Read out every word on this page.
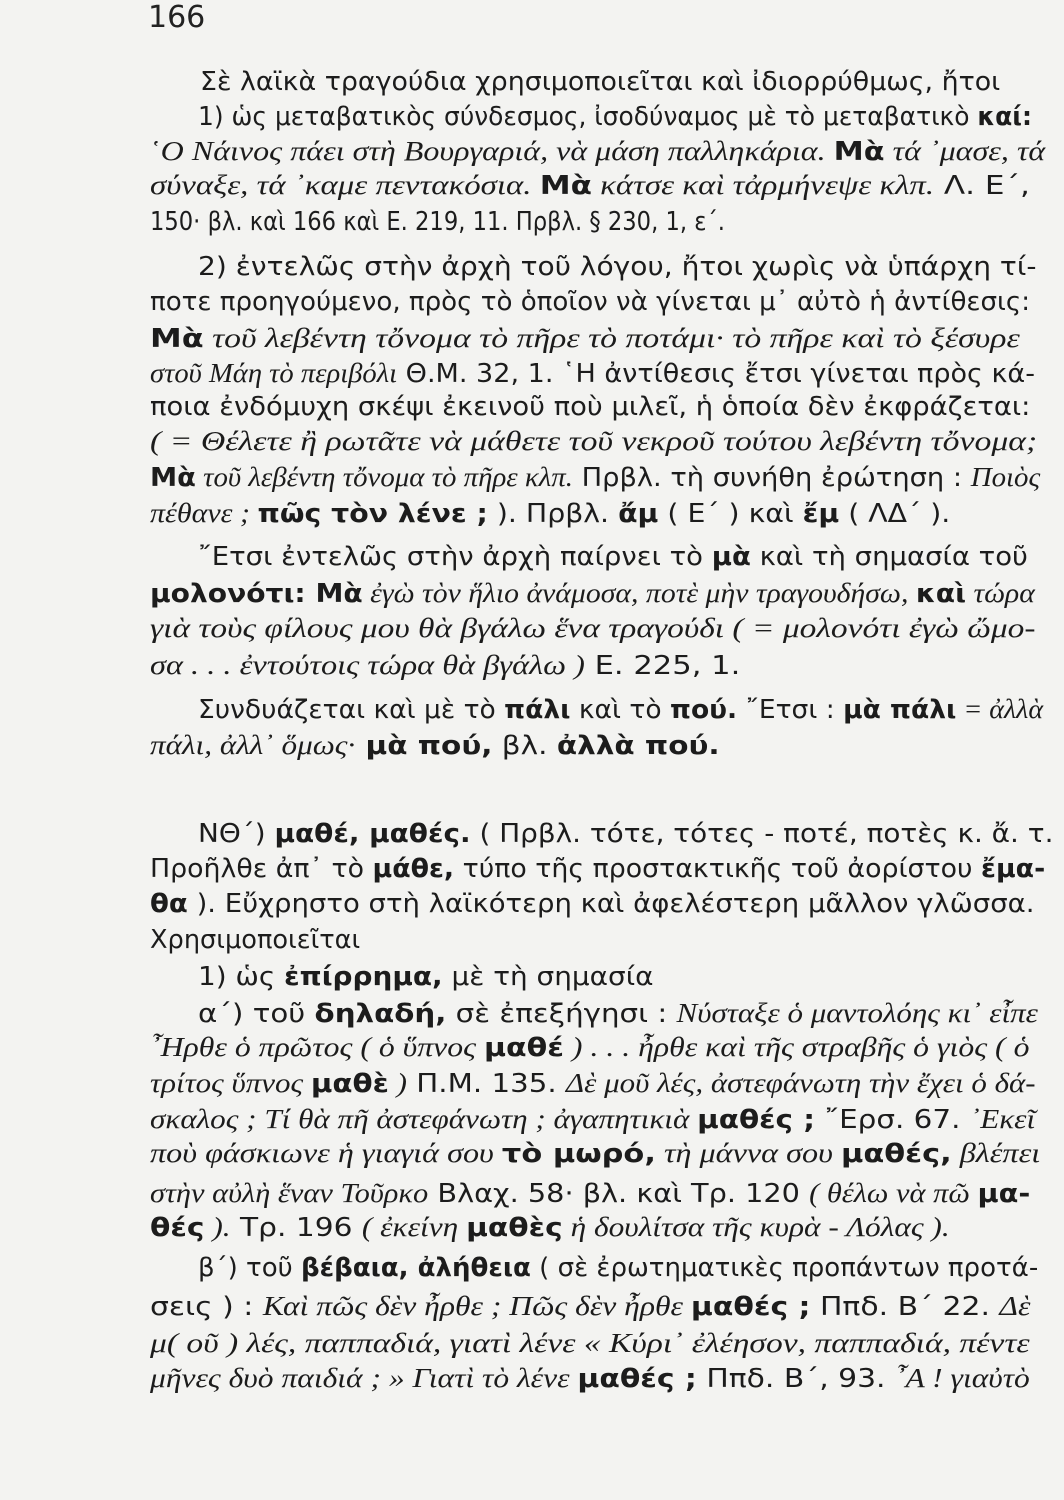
166
Σὲ λαϊκὰ τραγούδια χρησιμοποιεῖται καὶ ἰδιορρύθμως, ἤτοι
1) ὡς μεταβατικὸς σύνδεσμος, ἰσοδύναμος μὲ τὸ μεταβατικὸ καί:
῾Ο Νάινος πάει στὴ Βουργαριά, νὰ μάση παλληκάρια. Μὰ τά ᾿μασε, τά
σύναξε, τά ᾿καμε πεντακόσια. Μὰ κάτσε καὶ τἀρμήνεψε κλπ. Λ. Ε΄,
150· βλ. καὶ 166 καὶ Ε. 219, 11. Πρβλ. § 230, 1, ε΄.
2) ἐντελῶς στὴν ἀρχὴ τοῦ λόγου, ἤτοι χωρὶς νὰ ὑπάρχη τί-
ποτε προηγούμενο, πρὸς τὸ ὁποῖον νὰ γίνεται μ᾿ αὐτὸ ἡ ἀντίθεσις:
Μὰ τοῦ λεβέντη τὄνομα τὸ πῆρε τὸ ποτάμι· τὸ πῆρε καὶ τὸ ξέσυρε
στοῦ Μάη τὸ περιβόλι Θ.Μ. 32, 1. ῾Η ἀντίθεσις ἔτσι γίνεται πρὸς κά-
ποια ἐνδόμυχη σκέψι ἐκεινοῦ ποὺ μιλεῖ, ἡ ὁποία δὲν ἐκφράζεται:
( = Θέλετε ἢ ρωτᾶτε νὰ μάθετε τοῦ νεκροῦ τούτου λεβέντη τὄνομα;
Μὰ τοῦ λεβέντη τὄνομα τὸ πῆρε κλπ. Πρβλ. τὴ συνήθη ἐρώτηση : Ποιὸς
πέθανε ; πῶς τὸν λένε ; ). Πρβλ. ἄμ ( Ε΄ ) καὶ ἔμ ( ΛΔ΄ ).
῎Ετσι ἐντελῶς στὴν ἀρχὴ παίρνει τὸ μὰ καὶ τὴ σημασία τοῦ
μολονότι: Μὰ ἐγὼ τὸν ἥλιο ἀνάμοσα, ποτὲ μὴν τραγουδήσω, καὶ τώρα
γιὰ τοὺς φίλους μου θὰ βγάλω ἕνα τραγούδι ( = μολονότι ἐγὼ ὤμο-
σα . . . ἐντούτοις τώρα θὰ βγάλω ) Ε. 225, 1.
Συνδυάζεται καὶ μὲ τὸ πάλι καὶ τὸ πού. ῎Ετσι : μὰ πάλι = ἀλλὰ
πάλι, ἀλλ᾿ ὅμως· μὰ πού, βλ. ἀλλὰ πού.
ΝΘ΄) μαθέ, μαθές. ( Πρβλ. τότε, τότες - ποτέ, ποτὲς κ. ἄ. τ.
Προῆλθε ἀπ᾿ τὸ μάθε, τύπο τῆς προστακτικῆς τοῦ ἀορίστου ἔμα-
θα ). Εὔχρηστο στὴ λαϊκότερη καὶ ἀφελέστερη μᾶλλον γλῶσσα.
Χρησιμοποιεῖται
1) ὡς ἐπίρρημα, μὲ τὴ σημασία
α΄) τοῦ δηλαδή, σὲ ἐπεξήγησι : Νύσταξε ὁ μαντολόης κι᾿ εἶπε
῏Ηρθε ὁ πρῶτος ( ὁ ὕπνος μαθέ ) . . . ἦρθε καὶ τῆς στραβῆς ὁ γιὸς ( ὁ
τρίτος ὕπνος μαθὲ ) Π.Μ. 135. Δὲ μοῦ λές, ἀστεφάνωτη τὴν ἔχει ὁ δά-
σκαλος ; Τί θὰ πῆ ἀστεφάνωτη ; ἀγαπητικιὰ μαθές ; ῎Ερσ. 67. ᾿Εκεῖ
ποὺ φάσκιωνε ἡ γιαγιά σου τὸ μωρό, τὴ μάννα σου μαθές, βλέπει
στὴν αὐλὴ ἕναν Τοῦρκο Βλαχ. 58· βλ. καὶ Τρ. 120 ( θέλω νὰ πῶ μα-
θές ). Τρ. 196 ( ἐκείνη μαθὲς ἡ δουλίτσα τῆς κυρὰ - Λόλας ).
β΄) τοῦ βέβαια, ἀλήθεια ( σὲ ἐρωτηματικὲς προπάντων προτά-
σεις ) : Καὶ πῶς δὲν ἦρθε ; Πῶς δὲν ἦρθε μαθές ; Ππδ. Β΄ 22. Δὲ
μ( οῦ ) λές, παππαδιά, γιατὶ λένε « Κύρι᾿ ἐλέησον, παππαδιά, πέντε
μῆνες δυὸ παιδιά ; » Γιατὶ τὸ λένε μαθές ; Ππδ. Β΄, 93. ῏Α ! γιαὐτὸ
